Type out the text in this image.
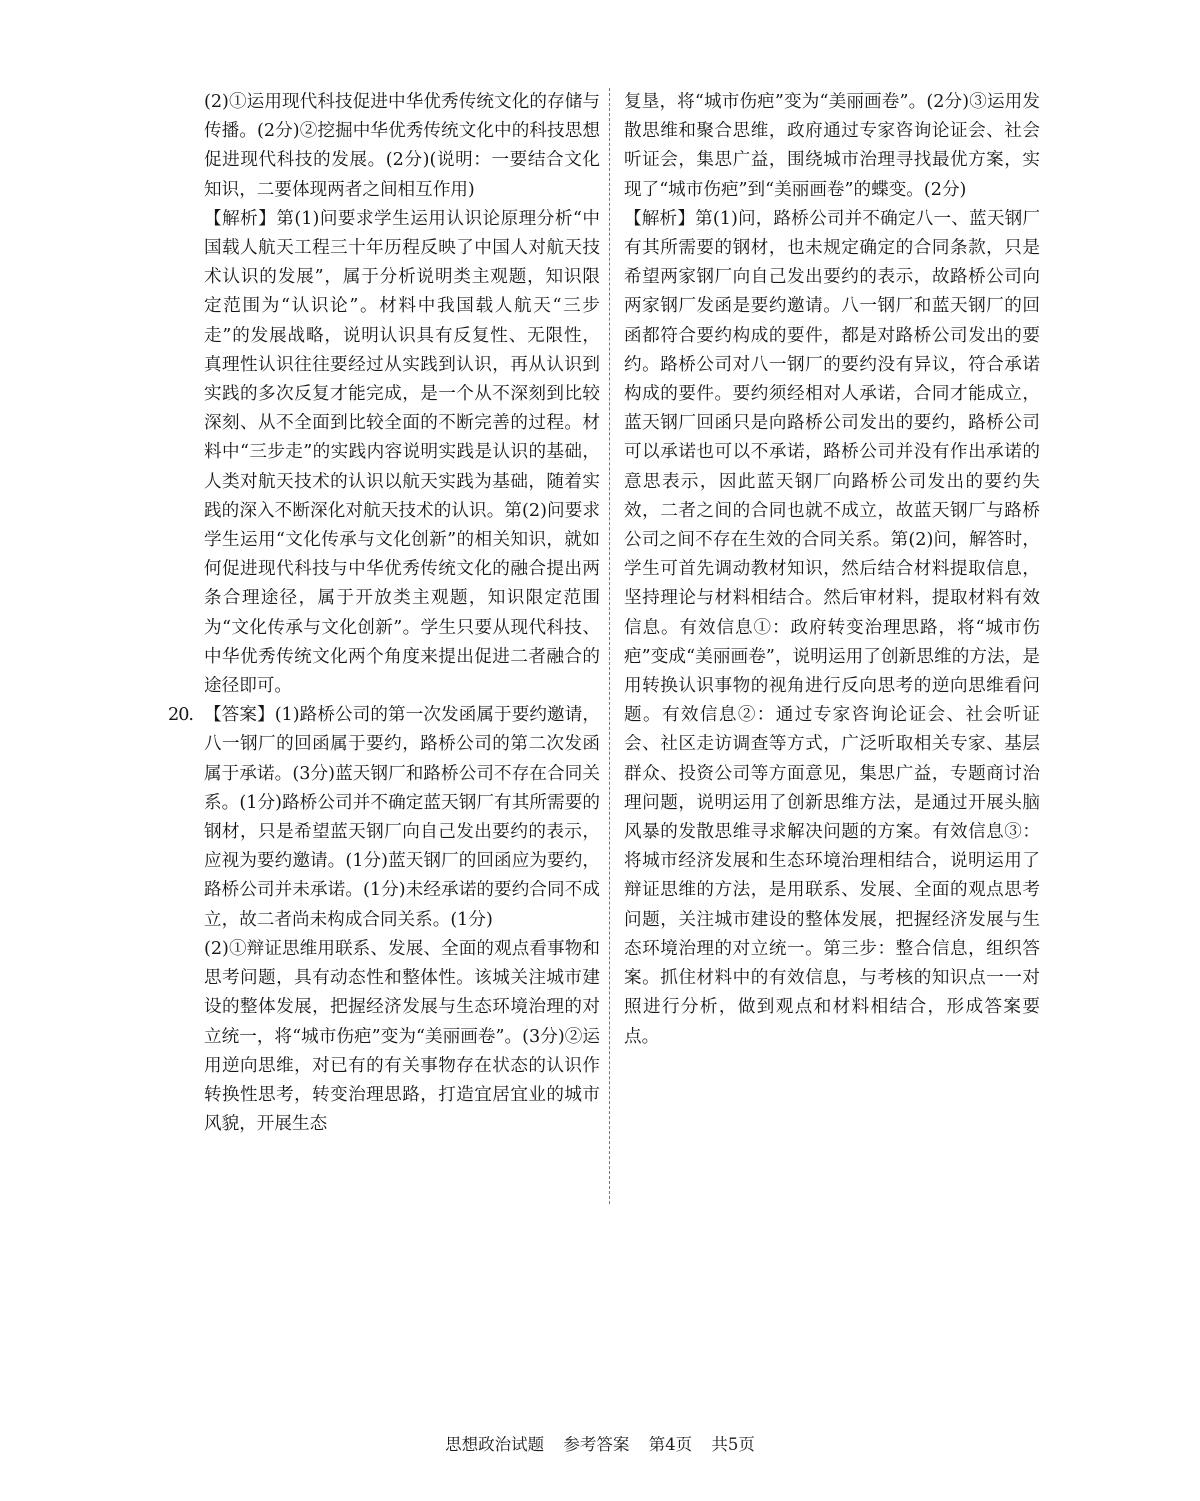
(2)①运用现代科技促进中华优秀传统文化的存储与传播。(2分)②挖掘中华优秀传统文化中的科技思想促进现代科技的发展。(2分)(说明：一要结合文化知识，二要体现两者之间相互作用)

【解析】第(1)问要求学生运用认识论原理分析“中国载人航天工程三十年历程反映了中国人对航天技术认识的发展”，属于分析说明类主观题，知识限定范围为“认识论”。材料中我国载人航天“三步走”的发展战略，说明认识具有反复性、无限性，真理性认识往往要经过从实践到认识，再从认识到实践的多次反复才能完成，是一个从不深刻到比较深刻、从不全面到比较全面的不断完善的过程。材料中“三步走”的实践内容说明实践是认识的基础，人类对航天技术的认识以航天实践为基础，随着实践的深入不断深化对航天技术的认识。第(2)问要求学生运用“文化传承与文化创新”的相关知识，就如何促进现代科技与中华优秀传统文化的融合提出两条合理途径，属于开放类主观题，知识限定范围为“文化传承与文化创新”。学生只要从现代科技、中华优秀传统文化两个角度来提出促进二者融合的途径即可。

20. 【答案】(1)路桥公司的第一次发函属于要约邀请，八一钢厂的回函属于要约，路桥公司的第二次发函属于承诺。(3分)蓝天钢厂和路桥公司不存在合同关系。(1分)路桥公司并不确定蓝天钢厂有其所需要的钢材，只是希望蓝天钢厂向自己发出要约的表示，应视为要约邀请。(1分)蓝天钢厂的回函应为要约，路桥公司并未承诺。(1分)未经承诺的要约合同不成立，故二者尚未构成合同关系。(1分)

(2)①辩证思维用联系、发展、全面的观点看事物和思考问题，具有动态性和整体性。该城关注城市建设的整体发展，把握经济发展与生态环境治理的对立统一，将“城市伤疤”变为“美丽画卷”。(3分)②运用逆向思维，对已有的有关事物存在状态的认识作转换性思考，转变治理思路，打造宜居宜业的城市风貌，开展生态

复垦，将“城市伤疤”变为“美丽画卷”。(2分)③运用发散思维和聚合思维，政府通过专家咨询论证会、社会听证会，集思广益，围绕城市治理寻找最优方案，实现了“城市伤疤”到“美丽画卷”的蝶变。(2分)

【解析】第(1)问，路桥公司并不确定八一、蓝天钢厂有其所需要的钢材，也未规定确定的合同条款，只是希望两家钢厂向自己发出要约的表示，故路桥公司向两家钢厂发函是要约邀请。八一钢厂和蓝天钢厂的回函都符合要约构成的要件，都是对路桥公司发出的要约。路桥公司对八一钢厂的要约没有异议，符合承诺构成的要件。要约须经相对人承诺，合同才能成立，蓝天钢厂回函只是向路桥公司发出的要约，路桥公司可以承诺也可以不承诺，路桥公司并没有作出承诺的意思表示，因此蓝天钢厂向路桥公司发出的要约失效，二者之间的合同也就不成立，故蓝天钢厂与路桥公司之间不存在生效的合同关系。第(2)问，解答时，学生可首先调动教材知识，然后结合材料提取信息，坚持理论与材料相结合。然后审材料，提取材料有效信息。有效信息①：政府转变治理思路，将“城市伤疤”变成“美丽画卷”，说明运用了创新思维的方法，是用转换认识事物的视角进行反向思考的逆向思维看问题。有效信息②：通过专家咨询论证会、社会听证会、社区走访调查等方式，广泛听取相关专家、基层群众、投资公司等方面意见，集思广益，专题商讨治理问题，说明运用了创新思维方法，是通过开展头脑风暴的发散思维寻求解决问题的方案。有效信息③：将城市经济发展和生态环境治理相结合，说明运用了辩证思维的方法，是用联系、发展、全面的观点思考问题，关注城市建设的整体发展，把握经济发展与生态环境治理的对立统一。第三步：整合信息，组织答案。抓住材料中的有效信息，与考核的知识点一一对照进行分析，做到观点和材料相结合，形成答案要点。

思想政治试题 参考答案 第4页 共5页
